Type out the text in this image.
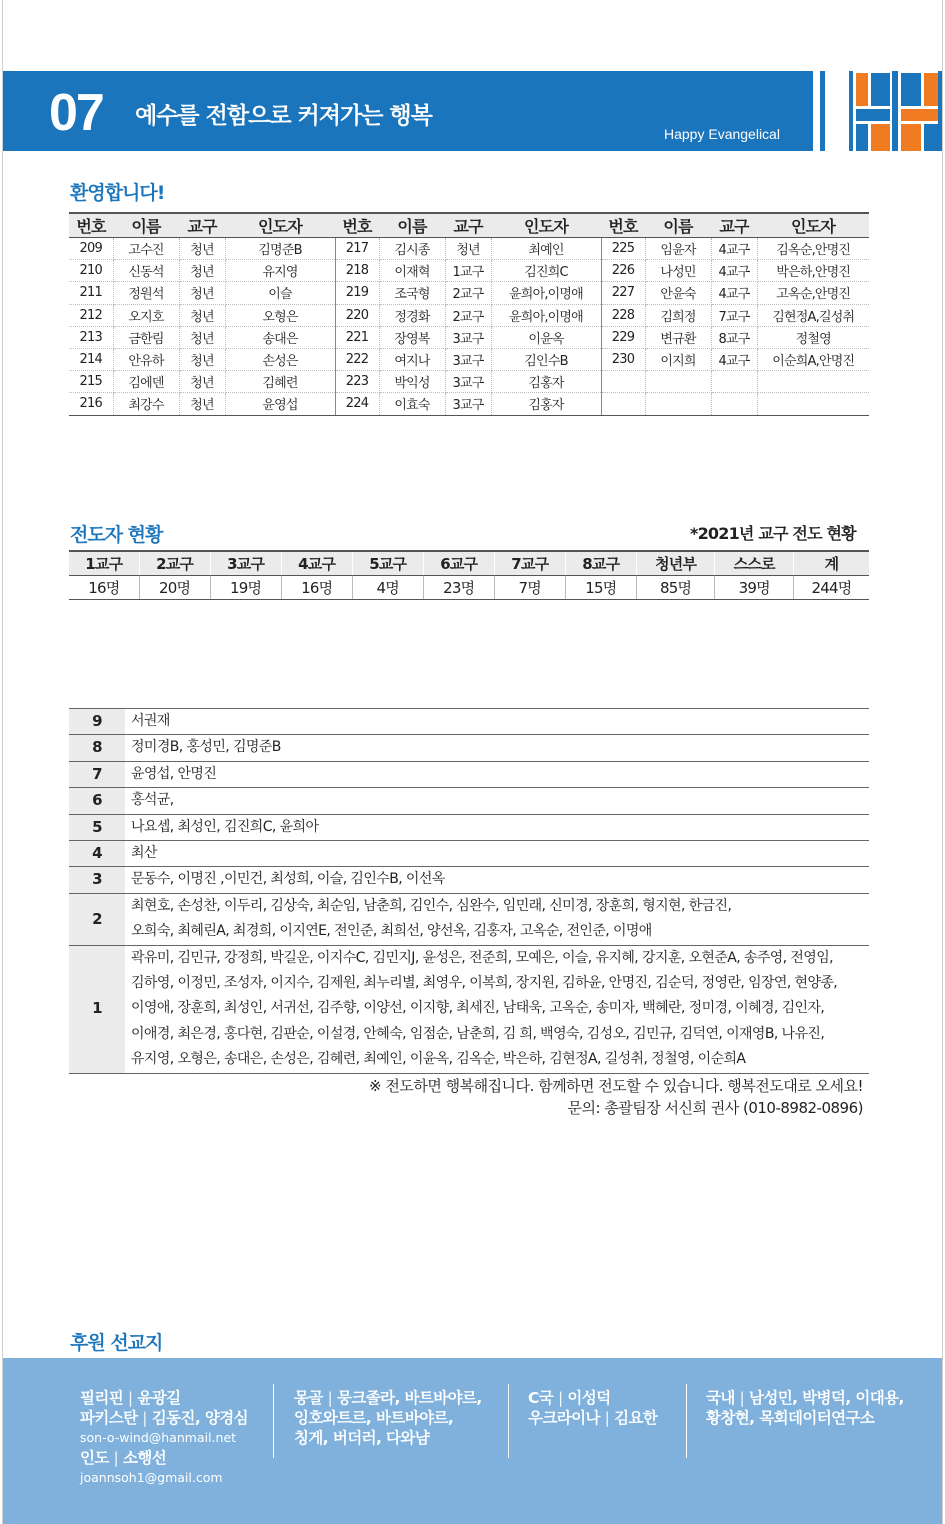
07 예수를 전함으로 커져가는 행복
Happy Evangelical
환영합니다!
번호	이름	교구	인도자	번호	이름	교구	인도자	번호	이름	교구	인도자
209	고수진	청년	김명준B	217	김시종	청년	최예인	225	임윤자	4교구	김옥순,안명진
210	신동석	청년	유지영	218	이재혁	1교구	김진희C	226	나성민	4교구	박은하,안명진
211	정원석	청년	이슬	219	조국형	2교구	윤희아,이명애	227	안윤숙	4교구	고옥순,안명진
212	오지호	청년	오형은	220	정경화	2교구	윤희아,이명애	228	김희정	7교구	김현정A,길성취
213	금한림	청년	송대은	221	장영복	3교구	이윤옥	229	변규환	8교구	정철영
214	안유하	청년	손성은	222	여지나	3교구	김인수B	230	이지희	4교구	이순희A,안명진
215	김에덴	청년	김혜련	223	박익성	3교구	김홍자				
216	최강수	청년	윤영섭	224	이효숙	3교구	김홍자				
전도자 현황	*2021년 교구 전도 현황
1교구	2교구	3교구	4교구	5교구	6교구	7교구	8교구	청년부	스스로	계
16명	20명	19명	16명	4명	23명	7명	15명	85명	39명	244명
9	서권재

8	정미경B, 홍성민, 김명준B

7	윤영섭, 안명진

6	홍석균,

5	나요셉, 최성인, 김진희C, 윤희아

4	최산

3	문동수, 이명진 ,이민건, 최성희, 이슬, 김인수B, 이선옥

2	최현호, 손성찬, 이두리, 김상숙, 최순임, 남춘희, 김인수, 심완수, 임민래, 신미경, 장훈희, 형지현, 한금진,
오희숙, 최혜린A, 최경희, 이지연E, 전인준, 최희선, 양선옥, 김홍자, 고옥순, 전인준, 이명애

1	곽유미, 김민규, 강정희, 박길운, 이지수C, 김민지J, 윤성은, 전준희, 모예은, 이슬, 유지혜, 강지훈, 오현준A, 송주영, 전영임,
김하영, 이정민, 조성자, 이지수, 김제원, 최누리별, 최영우, 이복희, 장지원, 김하윤, 안명진, 김순덕, 정영란, 임장연, 현양종,
이영애, 장훈희, 최성인, 서귀선, 김주향, 이양선, 이지향, 최세진, 남태욱, 고옥순, 송미자, 백혜란, 정미경, 이혜경, 김인자,
이애경, 최은경, 홍다현, 김판순, 이설경, 안혜숙, 임점순, 남춘희, 김 희, 백영숙, 김성오, 김민규, 김덕연, 이재영B, 나유진,
유지영, 오형은, 송대은, 손성은, 김혜련, 최예인, 이윤옥, 김옥순, 박은하, 김현정A, 길성취, 정철영, 이순희A
※ 전도하면 행복해집니다. 함께하면 전도할 수 있습니다. 행복전도대로 오세요!
문의: 총괄팀장 서신희 권사 (010-8982-0896)
후원 선교지
필리핀 | 윤광길
파키스탄 | 김동진, 양경심
son-o-wind@hanmail.net
인도 | 소행선
joannsoh1@gmail.com
몽골 | 뭉크졸라, 바트바야르,
잉호와트르, 바트바야르,
칭게, 버더러, 다와냠
C국 | 이성덕
우크라이나 | 김요한
국내 | 남성민, 박병덕, 이대용,
황창현, 목회데이터연구소
